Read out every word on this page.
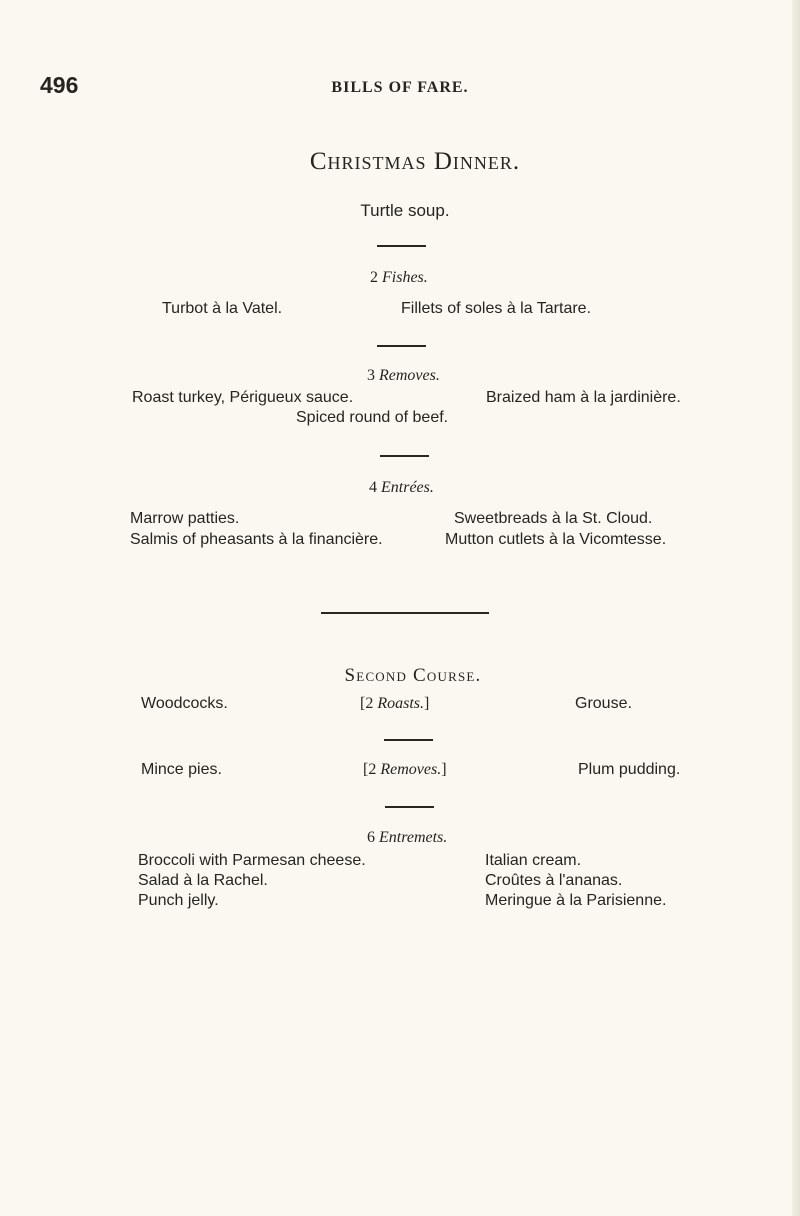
496	BILLS OF FARE.
Christmas Dinner.
Turtle soup.
2 Fishes.
Turbot à la Vatel.	Fillets of soles à la Tartare.
3 Removes.
Roast turkey, Périgueux sauce.	Braized ham à la jardinière.
Spiced round of beef.
4 Entrées.
Marrow patties.	Sweetbreads à la St. Cloud.
Salmis of pheasants à la financière.	Mutton cutlets à la Vicomtesse.
Second Course.
Woodcocks.	[2 Roasts.]	Grouse.
Mince pies.	[2 Removes.]	Plum pudding.
6 Entremets.
Broccoli with Parmesan cheese.	Italian cream.
Salad à la Rachel.	Croûtes à l'ananas.
Punch jelly.	Meringue à la Parisienne.
